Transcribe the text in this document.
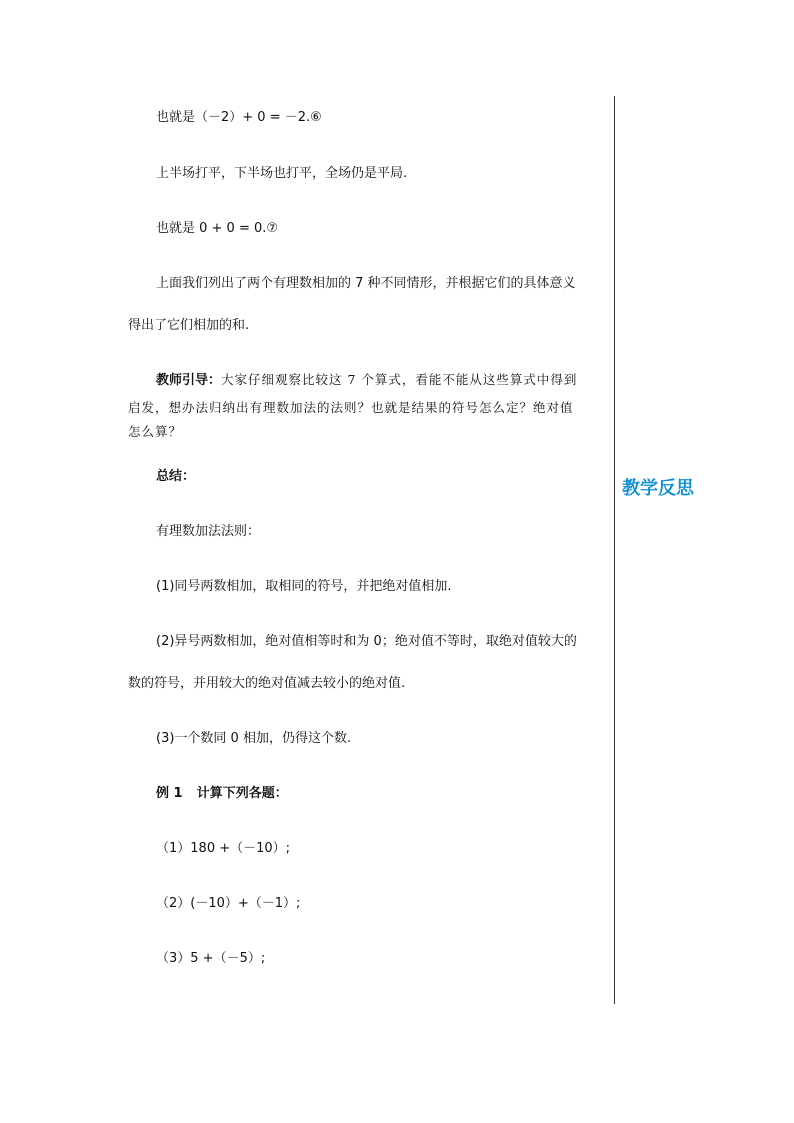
也就是（－2）+ 0 = －2.⑥
上半场打平，下半场也打平，全场仍是平局.
也就是 0 + 0 = 0.⑦
上面我们列出了两个有理数相加的 7 种不同情形，并根据它们的具体意义
得出了它们相加的和.
教师引导：大家仔细观察比较这 7 个算式，看能不能从这些算式中得到
启发，想办法归纳出有理数加法的法则？也就是结果的符号怎么定？绝对值
怎么算？
总结：
有理数加法法则：
(1)同号两数相加，取相同的符号，并把绝对值相加.
(2)异号两数相加，绝对值相等时和为 0；绝对值不等时，取绝对值较大的
数的符号，并用较大的绝对值减去较小的绝对值.
(3)一个数同 0 相加，仍得这个数.
例 1 计算下列各题：
（1）180 +（－10）;
（2）(－10）+（－1）;
（3）5 +（－5）;
教学反思
